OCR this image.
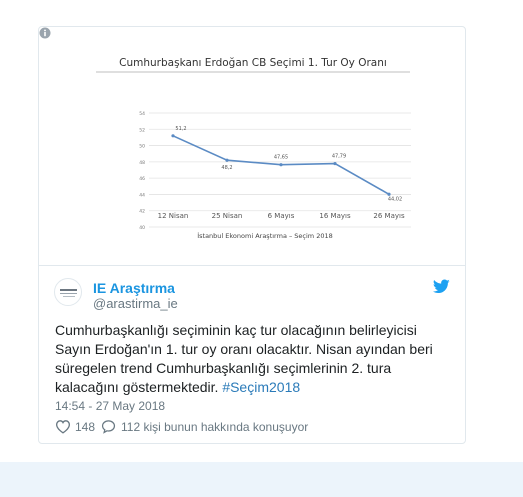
Cumhurbaşkanı Erdoğan CB Seçimi 1. Tur Oy Oranı
40
42
44
46
48
50
52
54
51,2
48,2
47,65	47,79
44,02
12 Nisan	25 Nisan	6 Mayıs	16 Mayıs	26 Mayıs
İstanbul Ekonomi Araştırma – Seçim 2018
IE Araştırma
@arastirma_ie
Cumhurbaşkanlığı seçiminin kaç tur olacağının belirleyicisi Sayın Erdoğan'ın 1. tur oy oranı olacaktır. Nisan ayından beri süregelen trend Cumhurbaşkanlığı seçimlerinin 2. tura kalacağını göstermektedir. #Seçim2018
14:54 - 27 May 2018
148 112 kişi bunun hakkında konuşuyor
